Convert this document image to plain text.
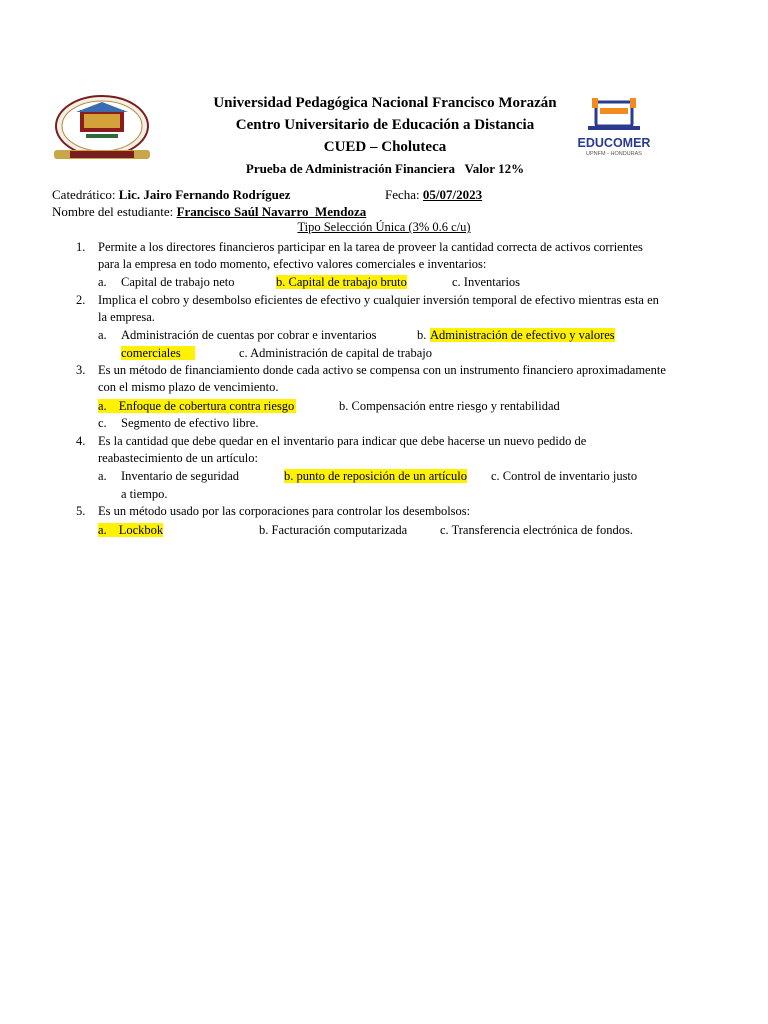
EDUCOMER
UPNFM - HONDURAS
Universidad Pedagógica Nacional Francisco Morazán
Centro Universitario de Educación a Distancia
CUED – Choluteca
Prueba de Administración Financiera   Valor 12%
Catedrático: Lic. Jairo Fernando Rodríguez	Fecha: 05/07/2023
Nombre del estudiante: Francisco Saúl Navarro  Mendoza
Tipo Selección Única (3% 0.6 c/u)
1. Permite a los directores financieros participar en la tarea de proveer la cantidad correcta de activos corrientes para la empresa en todo momento, efectivo valores comerciales e inventarios:
a. Capital de trabajo neto	b. Capital de trabajo bruto	c. Inventarios
2. Implica el cobro y desembolso eficientes de efectivo y cualquier inversión temporal de efectivo mientras esta en la empresa.
a. Administración de cuentas por cobrar e inventarios	b. Administración de efectivo y valores
comerciales	c. Administración de capital de trabajo
3. Es un método de financiamiento donde cada activo se compensa con un instrumento financiero aproximadamente con el mismo plazo de vencimiento.
a. Enfoque de cobertura contra riesgo	b. Compensación entre riesgo y rentabilidad
c. Segmento de efectivo libre.
4. Es la cantidad que debe quedar en el inventario para indicar que debe hacerse un nuevo pedido de reabastecimiento de un artículo:
a. Inventario de seguridad	b. punto de reposición de un artículo c. Control de inventario justo
a tiempo.
5. Es un método usado por las corporaciones para controlar los desembolsos:
a. Lockbok	b. Facturación computarizada	c. Transferencia electrónica de fondos.
